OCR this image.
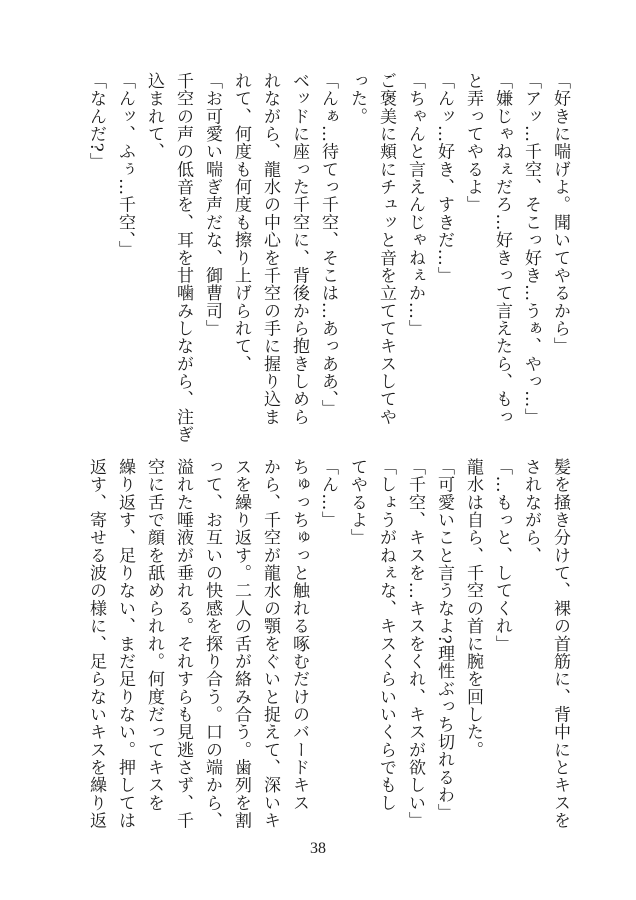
「好きに喘げよ。聞いてやるから」
「アッ…千空、そこっ好き…うぁ、やっ…」
「嫌じゃねぇだろ…好きって言えたら、もっ
と弄ってやるよ」
「んッ…好き、すきだ…」
「ちゃんと言えんじゃねぇか…」
ご褒美に頬にチュッと音を立ててキスしてや
った。
「んぁ…待てっ千空、そこは…あっああ、」
ベッドに座った千空に、背後から抱きしめら
れながら、龍水の中心を千空の手に握り込ま
れて、何度も何度も擦り上げられて、
「お可愛い喘ぎ声だな、御曹司」
千空の声の低音を、耳を甘噛みしながら、注ぎ
込まれて、
「んッ、ふぅ…千空、」
「なんだ?」
髪を掻き分けて、裸の首筋に、背中にとキスを
されながら、
「…もっと、してくれ」
龍水は自ら、千空の首に腕を回した。
「可愛いこと言うなよ?理性ぶっち切れるわ」
「千空、キスを…キスをくれ、キスが欲しい」
「しょうがねぇな、キスくらいいくらでもし
てやるよ」
「ん…」
ちゅっちゅっと触れる啄むだけのバードキス
から、千空が龍水の顎をぐいと捉えて、深いキ
スを繰り返す。二人の舌が絡み合う。歯列を割
って、お互いの快感を探り合う。口の端から、
溢れた唾液が垂れる。それすらも見逃さず、千
空に舌で顔を舐められれ。何度だってキスを
繰り返す、足りない、まだ足りない。押しては
返す、寄せる波の様に、足らないキスを繰り返
38
